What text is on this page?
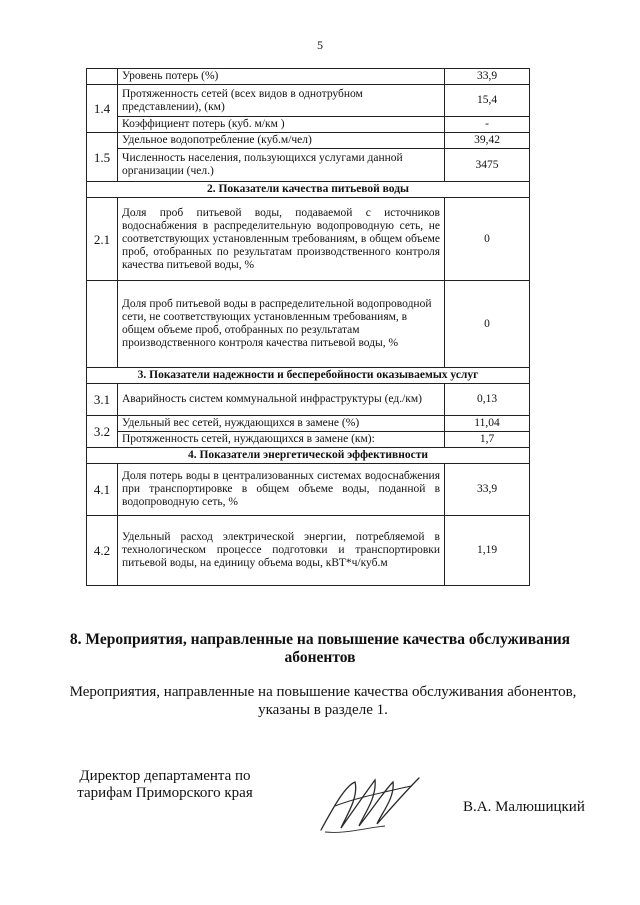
5
	Уровень потерь (%)	33,9
1.4	Протяженность сетей (всех видов в однотрубном представлении), (км)	15,4
	Коэффициент потерь (куб. м/км )	-
1.5	Удельное водопотребление (куб.м/чел)	39,42
	Численность населения, пользующихся услугами данной организации (чел.)	3475
2. Показатели качества питьевой воды		
2.1	Доля проб питьевой воды, подаваемой с источников водоснабжения в распределительную водопроводную сеть, не соответствующих установленным требованиям, в общем объеме проб, отобранных по результатам производственного контроля качества питьевой воды, %	0
	Доля проб питьевой воды в распределительной водопроводной сети, не соответствующих установленным требованиям, в общем объеме проб, отобранных по результатам производственного контроля качества питьевой воды, %	0
3. Показатели надежности и бесперебойности оказываемых услуг		
3.1	Аварийность систем коммунальной инфраструктуры (ед./км)	0,13
3.2	Удельный вес сетей, нуждающихся в замене (%)	11,04
	Протяженность сетей, нуждающихся в замене (км):	1,7
4. Показатели энергетической эффективности		
4.1	Доля потерь воды в централизованных системах водоснабжения при транспортировке в общем объеме воды, поданной в водопроводную сеть, %	33,9
4.2	Удельный расход электрической энергии, потребляемой в технологическом процессе подготовки и транспортировки питьевой воды, на единицу объема воды, кВТ*ч/куб.м	1,19
8. Мероприятия, направленные на повышение качества обслуживания абонентов
Мероприятия, направленные на повышение качества обслуживания абонентов, указаны в разделе 1.
Директор департамента по тарифам Приморского края
В.А. Малюшицкий
